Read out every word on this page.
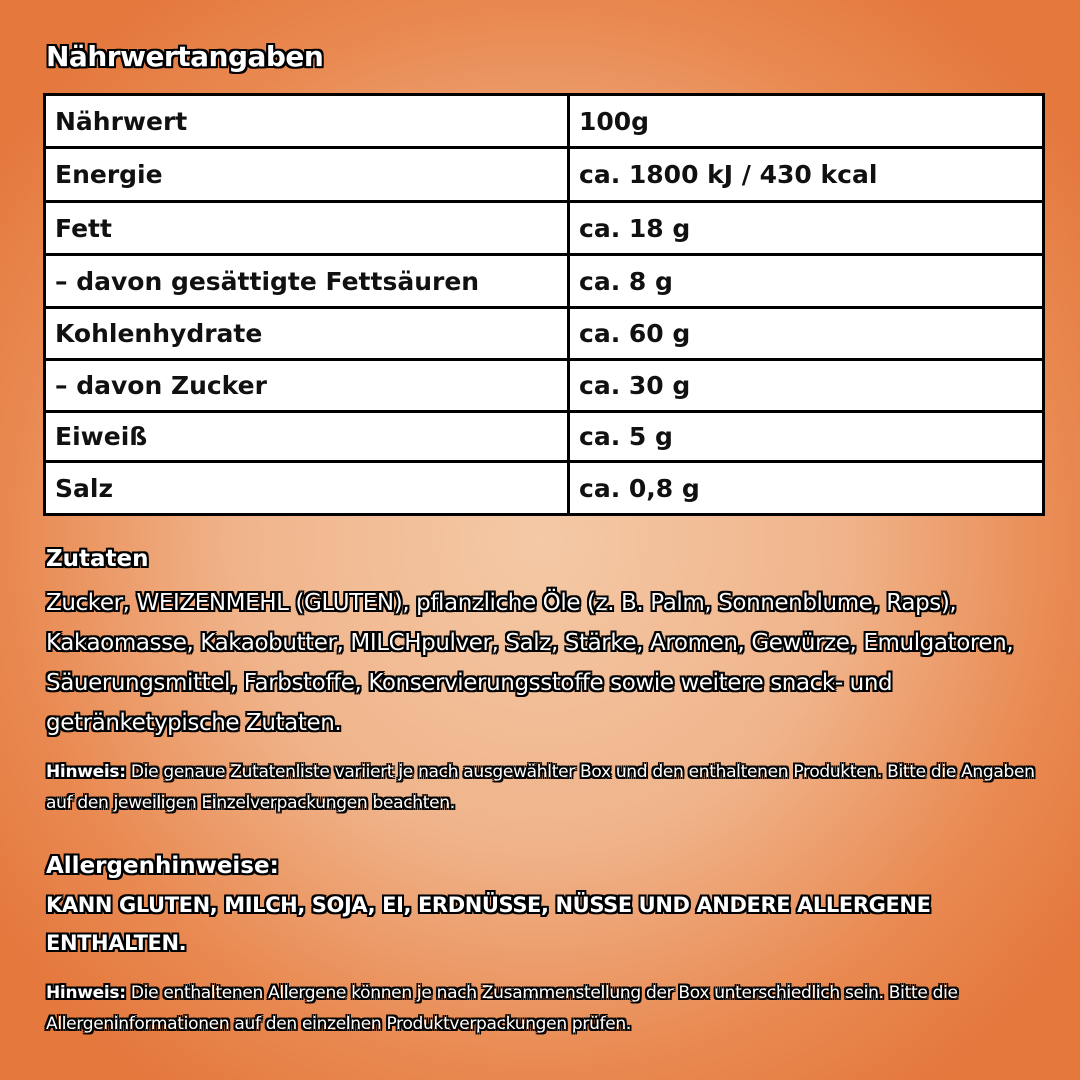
Nährwertangaben
Nährwert	100g
Energie	ca. 1800 kJ / 430 kcal
Fett	ca. 18 g
– davon gesättigte Fettsäuren	ca. 8 g
Kohlenhydrate	ca. 60 g
– davon Zucker	ca. 30 g
Eiweiß	ca. 5 g
Salz	ca. 0,8 g
Zutaten
Zucker, WEIZENMEHL (GLUTEN), pflanzliche Öle (z. B. Palm, Sonnenblume, Raps), Kakaomasse, Kakaobutter, MILCHpulver, Salz, Stärke, Aromen, Gewürze, Emulgatoren, Säuerungsmittel, Farbstoffe, Konservierungsstoffe sowie weitere snack- und getränketypische Zutaten.
Hinweis: Die genaue Zutatenliste variiert je nach ausgewählter Box und den enthaltenen Produkten. Bitte die Angaben auf den jeweiligen Einzelverpackungen beachten.
Allergenhinweise:
KANN GLUTEN, MILCH, SOJA, EI, ERDNÜSSE, NÜSSE UND ANDERE ALLERGENE ENTHALTEN.
Hinweis: Die enthaltenen Allergene können je nach Zusammenstellung der Box unterschiedlich sein. Bitte die Allergeninformationen auf den einzelnen Produktverpackungen prüfen.
